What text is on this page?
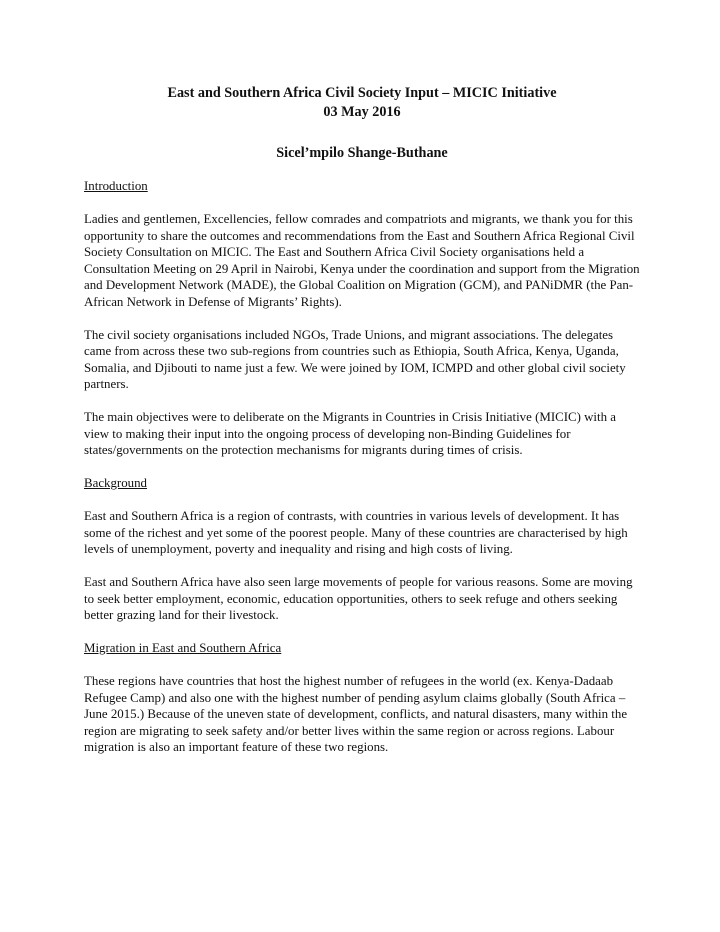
East and Southern Africa Civil Society Input – MICIC Initiative

03 May 2016

Sicel’mpilo Shange-Buthane

Introduction

Ladies and gentlemen, Excellencies, fellow comrades and compatriots and migrants, we thank you for this opportunity to share the outcomes and recommendations from the East and Southern Africa Regional Civil Society Consultation on MICIC. The East and Southern Africa Civil Society organisations held a Consultation Meeting on 29 April in Nairobi, Kenya under the coordination and support from the Migration and Development Network (MADE), the Global Coalition on Migration (GCM), and PANiDMR (the Pan-African Network in Defense of Migrants’ Rights).

The civil society organisations included NGOs, Trade Unions, and migrant associations. The delegates came from across these two sub-regions from countries such as Ethiopia, South Africa, Kenya, Uganda, Somalia, and Djibouti to name just a few. We were joined by IOM, ICMPD and other global civil society partners.

The main objectives were to deliberate on the Migrants in Countries in Crisis Initiative (MICIC) with a view to making their input into the ongoing process of developing non-Binding Guidelines for states/governments on the protection mechanisms for migrants during times of crisis.

Background

East and Southern Africa is a region of contrasts, with countries in various levels of development. It has some of the richest and yet some of the poorest people. Many of these countries are characterised by high levels of unemployment, poverty and inequality and rising and high costs of living.

East and Southern Africa have also seen large movements of people for various reasons. Some are moving to seek better employment, economic, education opportunities, others to seek refuge and others seeking better grazing land for their livestock.

Migration in East and Southern Africa

These regions have countries that host the highest number of refugees in the world (ex. Kenya-Dadaab Refugee Camp) and also one with the highest number of pending asylum claims globally (South Africa – June 2015.) Because of the uneven state of development, conflicts, and natural disasters, many within the region are migrating to seek safety and/or better lives within the same region or across regions. Labour migration is also an important feature of these two regions.
